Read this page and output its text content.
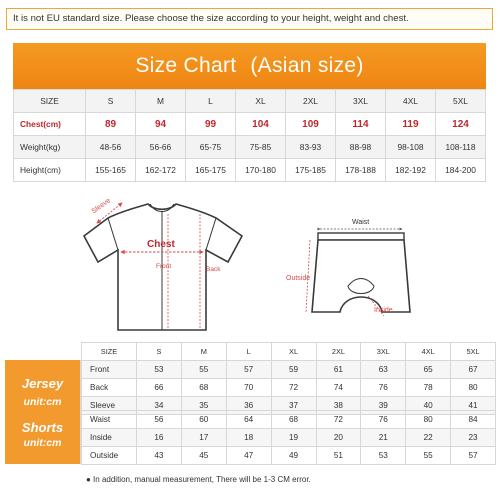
It is not EU standard size. Please choose the size according to your height, weight and chest.
Size Chart (Asian size)
SIZE	S	M	L	XL	2XL	3XL	4XL	5XL
Chest(cm)	89	94	99	104	109	114	119	124
Weight(kg)	48-56	56-66	65-75	75-85	83-93	88-98	98-108	108-118
Height(cm)	155-165	162-172	165-175	170-180	175-185	178-188	182-192	184-200
Sleeve
Chest
Front	Back
Waist
Outside
Inside
Jersey
unit:cm
SIZE	S	M	L	XL	2XL	3XL	4XL	5XL
Front	53	55	57	59	61	63	65	67
Back	66	68	70	72	74	76	78	80
Sleeve	34	35	36	37	38	39	40	41
Shorts
unit:cm
Waist	56	60	64	68	72	76	80	84
Inside	16	17	18	19	20	21	22	23
Outside	43	45	47	49	51	53	55	57
● In addition, manual measurement, There will be 1-3 CM error.
